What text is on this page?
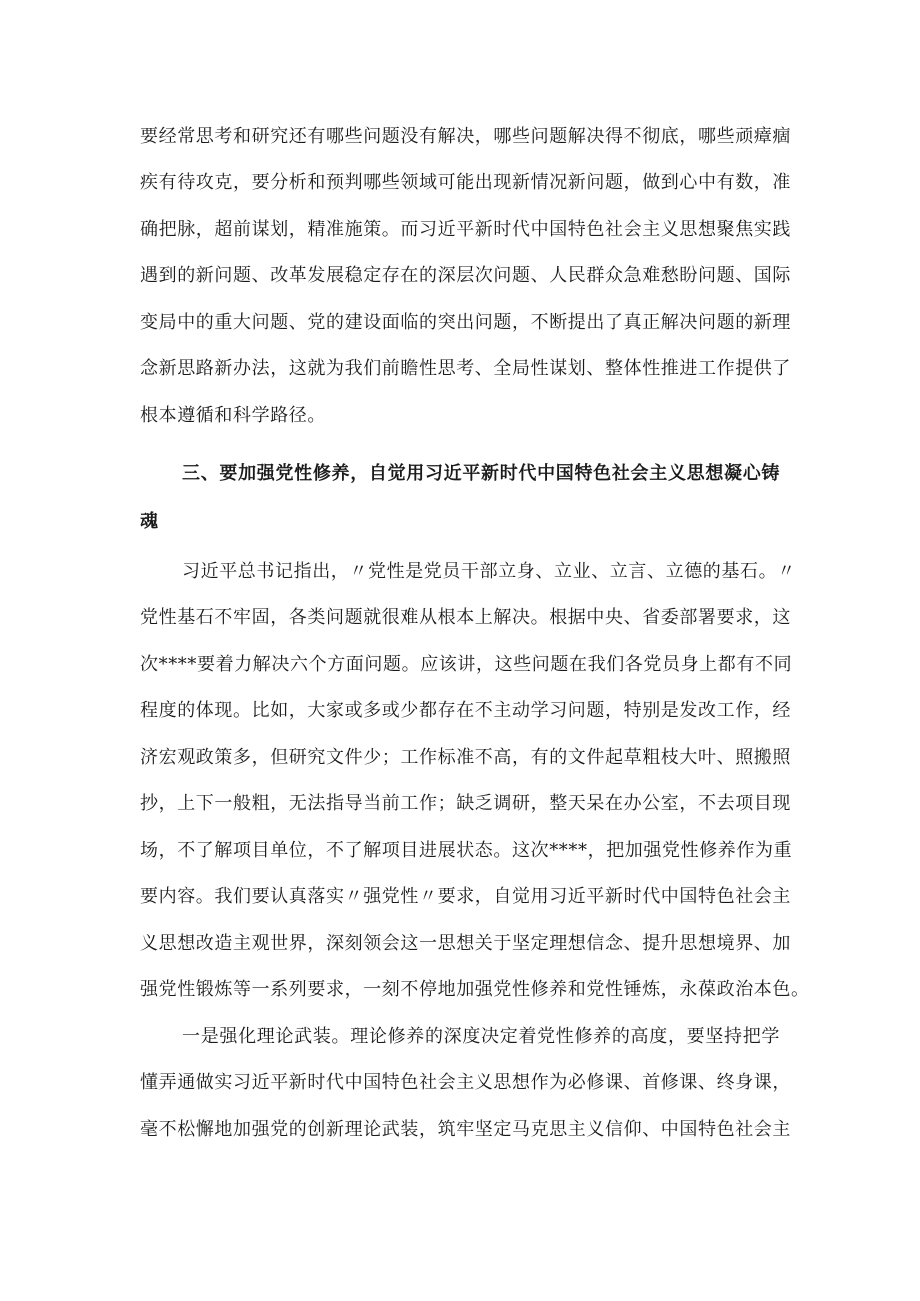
要经常思考和研究还有哪些问题没有解决，哪些问题解决得不彻底，哪些顽瘴痼
疾有待攻克，要分析和预判哪些领域可能出现新情况新问题，做到心中有数，准
确把脉，超前谋划，精准施策。而习近平新时代中国特色社会主义思想聚焦实践
遇到的新问题、改革发展稳定存在的深层次问题、人民群众急难愁盼问题、国际
变局中的重大问题、党的建设面临的突出问题，不断提出了真正解决问题的新理
念新思路新办法，这就为我们前瞻性思考、全局性谋划、整体性推进工作提供了
根本遵循和科学路径。
三、要加强党性修养，自觉用习近平新时代中国特色社会主义思想凝心铸
魂
习近平总书记指出，〃党性是党员干部立身、立业、立言、立德的基石。〃
党性基石不牢固，各类问题就很难从根本上解决。根据中央、省委部署要求，这
次****要着力解决六个方面问题。应该讲，这些问题在我们各党员身上都有不同
程度的体现。比如，大家或多或少都存在不主动学习问题，特别是发改工作，经
济宏观政策多，但研究文件少；工作标准不高，有的文件起草粗枝大叶、照搬照
抄，上下一般粗，无法指导当前工作；缺乏调研，整天呆在办公室，不去项目现
场，不了解项目单位，不了解项目进展状态。这次****，把加强党性修养作为重
要内容。我们要认真落实〃强党性〃要求，自觉用习近平新时代中国特色社会主
义思想改造主观世界，深刻领会这一思想关于坚定理想信念、提升思想境界、加
强党性锻炼等一系列要求，一刻不停地加强党性修养和党性锤炼，永葆政治本色。
一是强化理论武装。理论修养的深度决定着党性修养的高度，要坚持把学
懂弄通做实习近平新时代中国特色社会主义思想作为必修课、首修课、终身课，
毫不松懈地加强党的创新理论武装，筑牢坚定马克思主义信仰、中国特色社会主
